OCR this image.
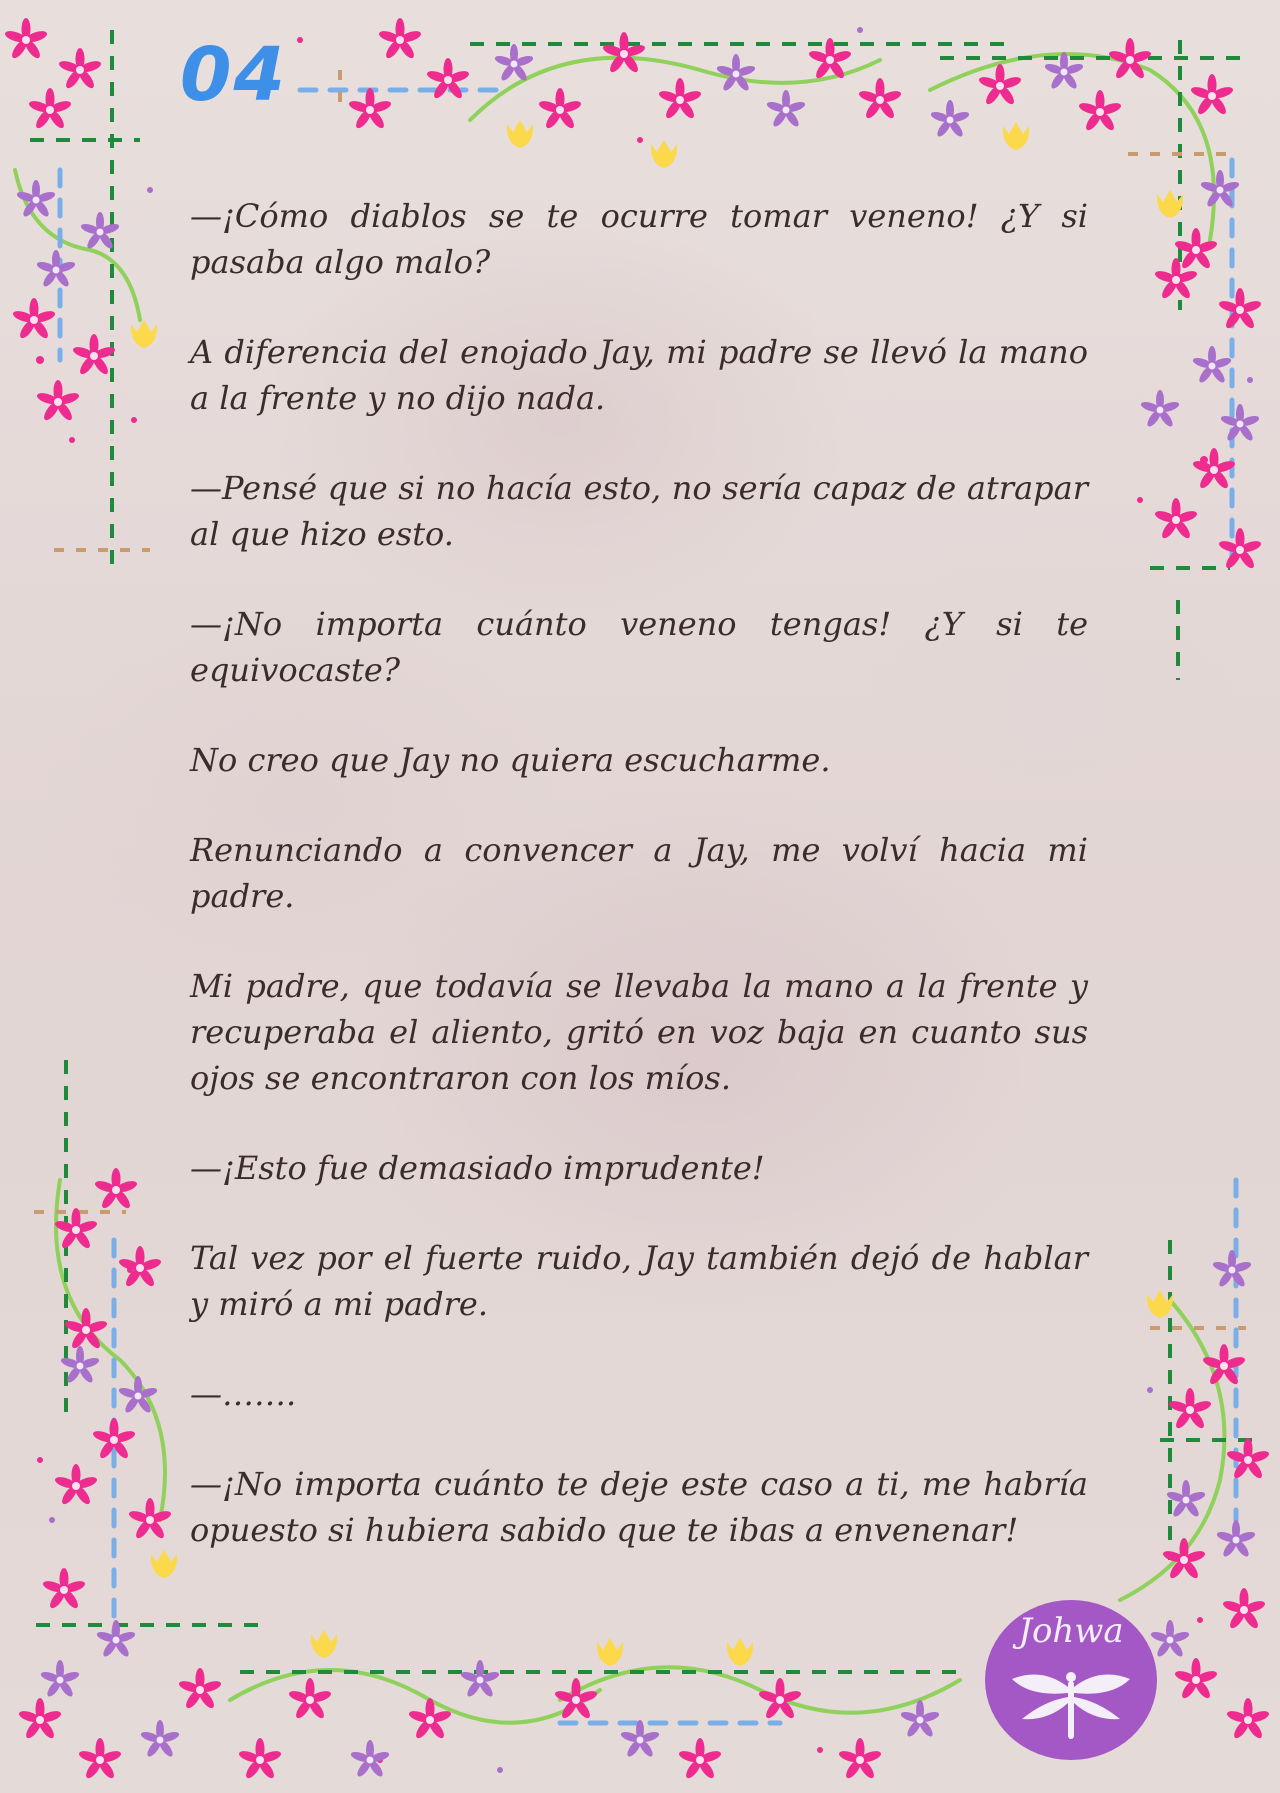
04

—¡Cómo diablos se te ocurre tomar veneno! ¿Y si pasaba algo malo?

A diferencia del enojado Jay, mi padre se llevó la mano a la frente y no dijo nada.

—Pensé que si no hacía esto, no sería capaz de atrapar al que hizo esto.

—¡No importa cuánto veneno tengas! ¿Y si te equivocaste?

No creo que Jay no quiera escucharme.

Renunciando a convencer a Jay, me volví hacia mi padre.

Mi padre, que todavía se llevaba la mano a la frente y recuperaba el aliento, gritó en voz baja en cuanto sus ojos se encontraron con los míos.

—¡Esto fue demasiado imprudente!

Tal vez por el fuerte ruido, Jay también dejó de hablar y miró a mi padre.

—…….

—¡No importa cuánto te deje este caso a ti, me habría opuesto si hubiera sabido que te ibas a envenenar!

Johwa
